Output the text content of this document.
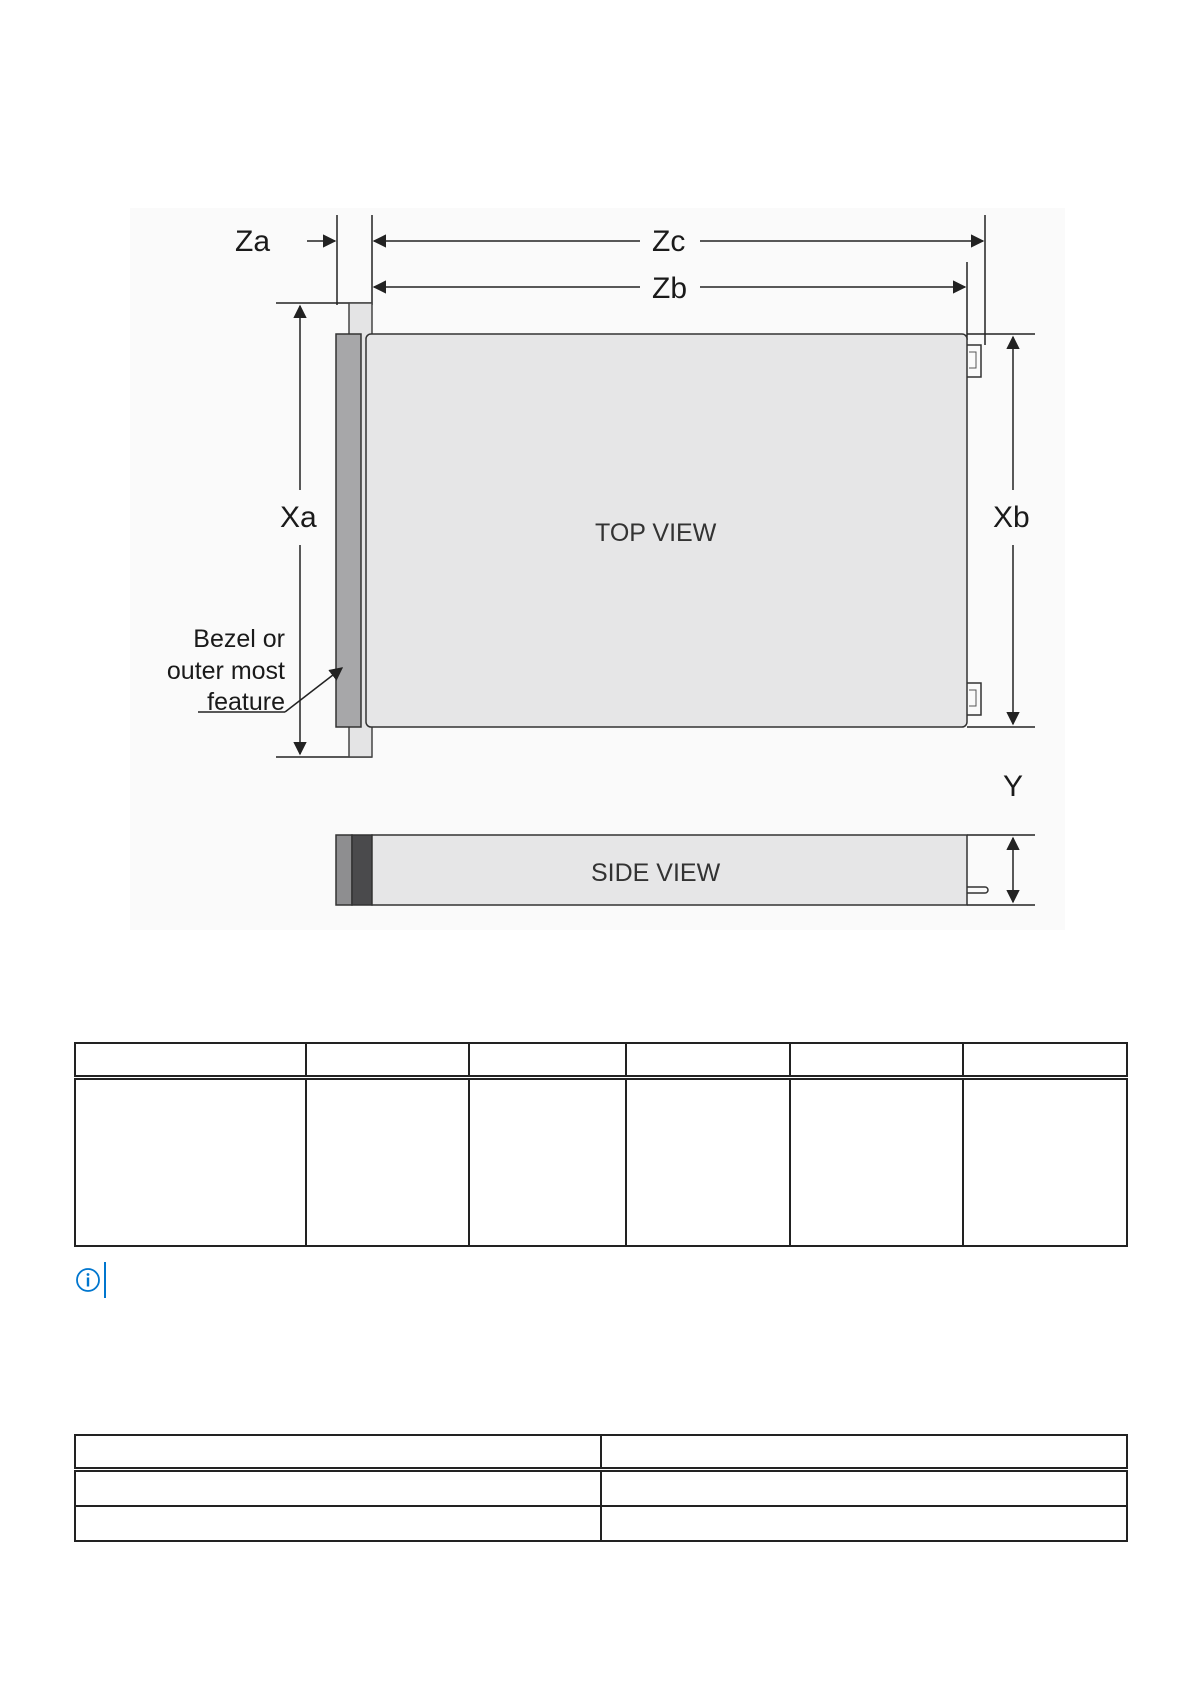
Za	Zc
Zb
Xa	Xb
Y
TOP VIEW
SIDE VIEW
Bezel or
outer most
feature
